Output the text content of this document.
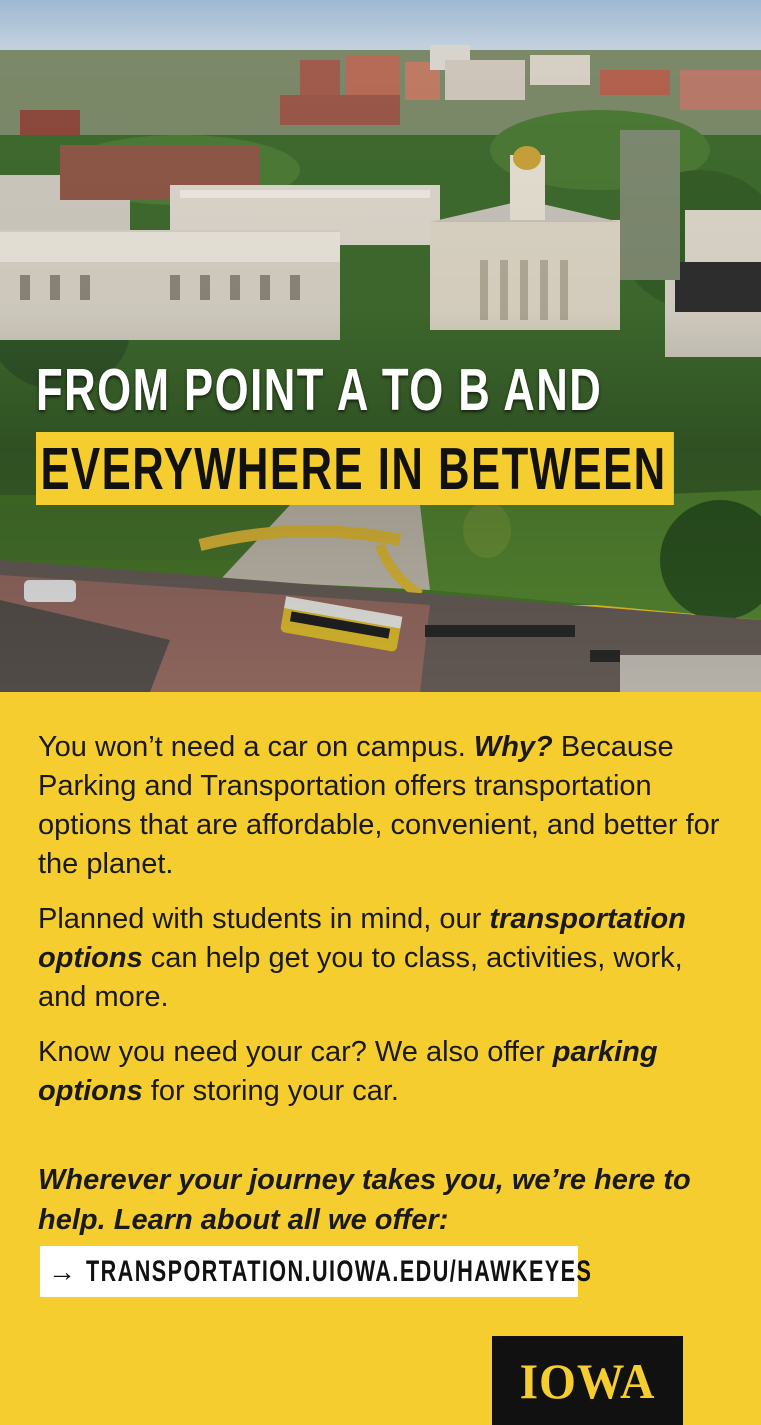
FROM POINT A TO B AND
EVERYWHERE IN BETWEEN

You won’t need a car on campus. Why? Because Parking and Transportation offers transportation options that are affordable, convenient, and better for the planet.

Planned with students in mind, our transportation options can help get you to class, activities, work, and more.

Know you need your car? We also offer parking options for storing your car.

Wherever your journey takes you, we’re here to help. Learn about all we offer:
→ TRANSPORTATION.UIOWA.EDU/HAWKEYES
IOWA
